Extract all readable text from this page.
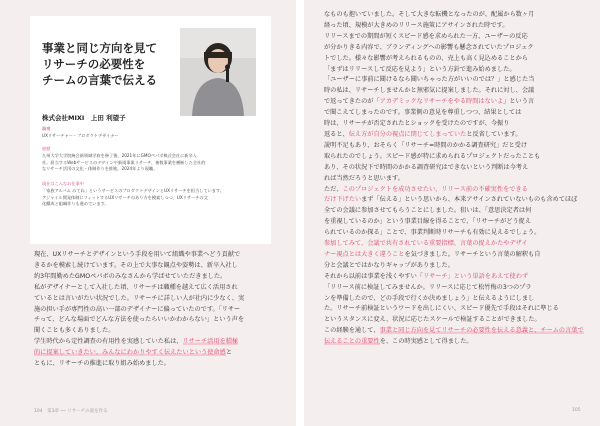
事業と同じ方向を見て
リサーチの必要性を
チームの言葉で伝える
株式会社MIXI　上田 利望子
職種
UXリサーチャー・プロダクトデザイナー
経歴
九州大学大学院統合新領域学府を修了後、2021年にGMOペパボ株式会社に新卒入
社。担当するWebサービスのデザインや新規事業リサーチ、複数事業を横断した全社的
なリサーチ活用の文化・体制作りを推進。2024年より現職。
現在はこんなお仕事中
「家族アルバム みてね」というサービスのプロダクトデザインとUXリサーチを担当しています。
アジャイル開発体制にフィットするUXリサーチのあり方を模索しつつ、UXリサーチの文
化醸成と組織作りも進めています。
現在、UXリサーチとデザインという手段を用いて組織や事業へどう貢献で
きるかを模索し続けています。その上で大事な観点や姿勢は、新卒入社し
約3年間勤めたGMOペパボのみなさんから学ばせていただきました。
私がデザイナーとして入社した頃、リサーチは職種を越えて広く活用され
ているとは言いがたい状況でした。リサーチに詳しい人が社内に少なく、実
施の担い手が専門性の高い一部のデザイナーに偏っていたのです。「リサー
チって、どんな場面でどんな方法を使ったらいいかわからない」という声を
聞くことも多くありました。
学生時代から定性調査の有用性を実感していた私は、リサーチ活用を積極
的に提案していきたい、みんなにわかりやすく伝えたいという使命感と
ともに、リサーチの推進に取り組み始めました。
104　第3章 ── リサーチの波を作る
なものも抱いていました。そして大きな転機となったのが、配属から数ヶ月
経った頃、規模が大きめのリリース施策にアサインされた時です。
リリースまでの期間が短くスピード感を求められた一方、ユーザーの反応
が分かりきる内容で、ブランディングへの影響も懸念されていたプロジェク
トでした。様々な影響が考えられるものの、売上も高く見込めることから
「まずはリリースして反応を見よう」という方針で進み始めました。
「ユーザーに事前に聞けるなら聞いちゃった方がいいのでは？」と感じた当
時の私は、リサーチしませんかと無邪気に提案しました。それに対し、会議
で返ってきたのが「アカデミックなリサーチをやる時間はないよ」という言
で聞こえてしまったのです。事業側の意見を尊重しつつ、結果としては
時は、リサーチが否定されたとショックを受けたのですが、今振り
返ると、伝え方が自分の視点に閉じてしまっていたと反省しています。
説明不足もあり、おそらく「リサーチ=時間のかかる調査研究」だと受け
取られたのでしょう。スピード感が特に求められるプロジェクトだったことも
あり、その状況下で時間のかかる調査研究はできないという判断は今考え
れば当然だろうと思います。
ただ、このプロジェクトを成功させたい、リリース前の不確実性をできる
だけ下げたいまず「伝える」という思いから、本来アサインされていないものも含めてほぼ
全ての会議に参加させてもらうことにしました。狙いは、「意思決定者は何
を重視しているのか」という事業目線を得ることで、「リサーチがどう捉え
られているのか探る」ことで、事業判断時リサーチも有効に見えるでしょう。
参加してみて、会議で共有されている重要指標、言葉の捉えかたやデザイ
ナー視点とは大きく違うことを気づきました。リサーチという言葉の解釈も自
分と会議とではかなりギャップがありました。
それから以前は事業を浅くやすい「リサーチ」という単語をあえて使わず
「リリース前に検証してみませんか。リリースに応じて松竹梅の3つのプラ
ンを準備したので、どの手段で行くか決めましょう」と伝えるようにしまし
た。リサーチ前検証というワードを出しにくい、スピード優先で手段はそれに準じる
というスタンスに変え、状況に応じたスケールで検証することができました。
この経験を通して、事業と同じ方向を見てリサーチの必要性を伝える意義と、チームの言葉で
伝えることの重要性を、この時実感として得ました。
105
